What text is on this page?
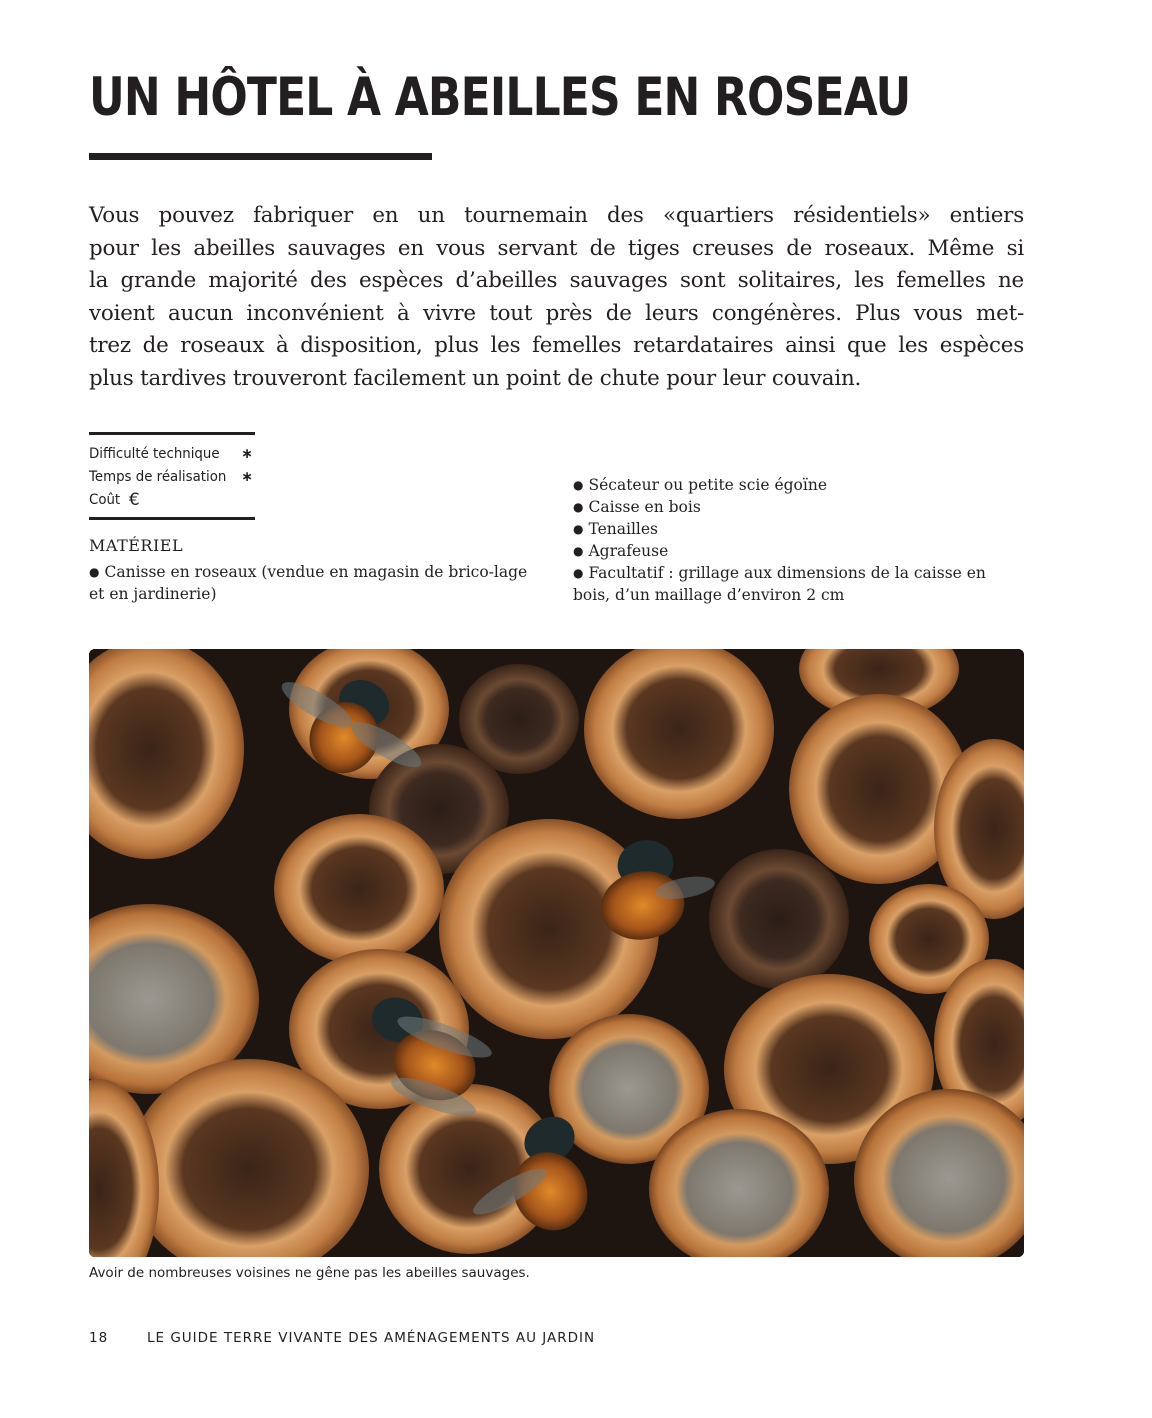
UN HÔTEL À ABEILLES EN ROSEAU

Vous pouvez fabriquer en un tournemain des «quartiers résidentiels» entiers
pour les abeilles sauvages en vous servant de tiges creuses de roseaux. Même si
la grande majorité des espèces d’abeilles sauvages sont solitaires, les femelles ne
voient aucun inconvénient à vivre tout près de leurs congénères. Plus vous met-
trez de roseaux à disposition, plus les femelles retardataires ainsi que les espèces
plus tardives trouveront facilement un point de chute pour leur couvain.

Difficulté technique ∗
Temps de réalisation ∗
Coût €
MATÉRIEL
● Canisse en roseaux (vendue en magasin de brico-lage et en jardinerie)
● Sécateur ou petite scie égoïne
● Caisse en bois
● Tenailles
● Agrafeuse
● Facultatif : grillage aux dimensions de la caisse en bois, d’un maillage d’environ 2 cm

Avoir de nombreuses voisines ne gêne pas les abeilles sauvages.

18	LE GUIDE TERRE VIVANTE DES AMÉNAGEMENTS AU JARDIN
